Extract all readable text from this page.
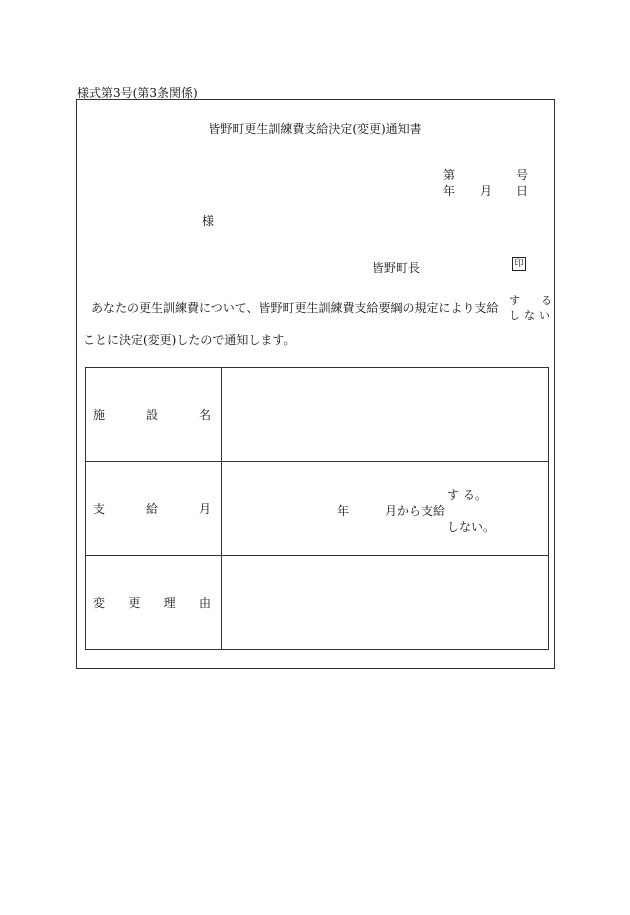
様式第3号(第3条関係)
皆野町更生訓練費支給決定(変更)通知書
第	号
年 月 日
様
皆野町長	印
あなたの更生訓練費について、皆野町更生訓練費支給要綱の規定により支給
す る
しない
ことに決定(変更)したので通知します。
施 設 名	

支 給 月	年 月から支給
す る。
しない。

変 更 理 由	
